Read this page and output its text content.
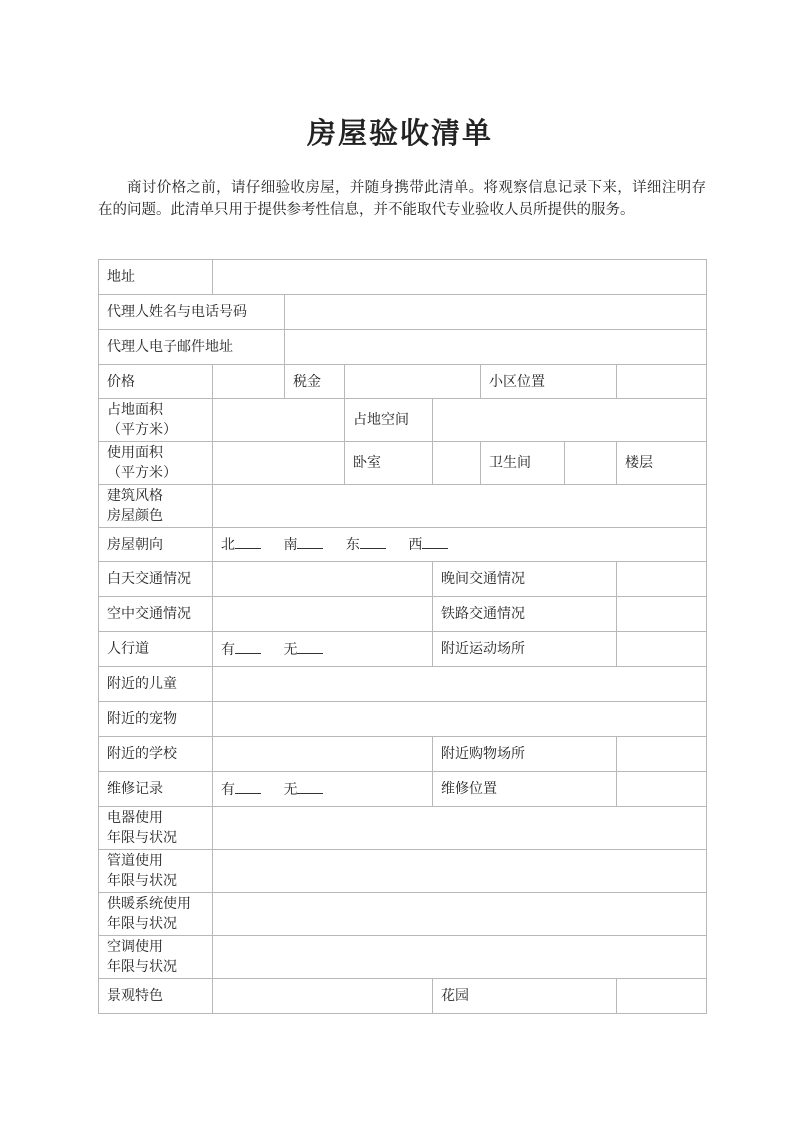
房屋验收清单
商讨价格之前，请仔细验收房屋，并随身携带此清单。将观察信息记录下来，详细注明存在的问题。此清单只用于提供参考性信息，并不能取代专业验收人员所提供的服务。
地址							
代理人姓名与电话号码							
代理人电子邮件地址							
价格		税金			小区位置		

占地面积
（平方米）			占地空间				

使用面积
（平方米）			卧室		卫生间		楼层

建筑风格
房屋颜色							

房屋朝向	北 南 东 西						
白天交通情况				晚间交通情况			
空中交通情况				铁路交通情况			
人行道	有 无			附近运动场所			
附近的儿童							
附近的宠物							
附近的学校				附近购物场所			
维修记录	有 无			维修位置			

电器使用
年限与状况							

管道使用
年限与状况							

供暖系统使用
年限与状况							

空调使用
年限与状况							

景观特色				花园			
